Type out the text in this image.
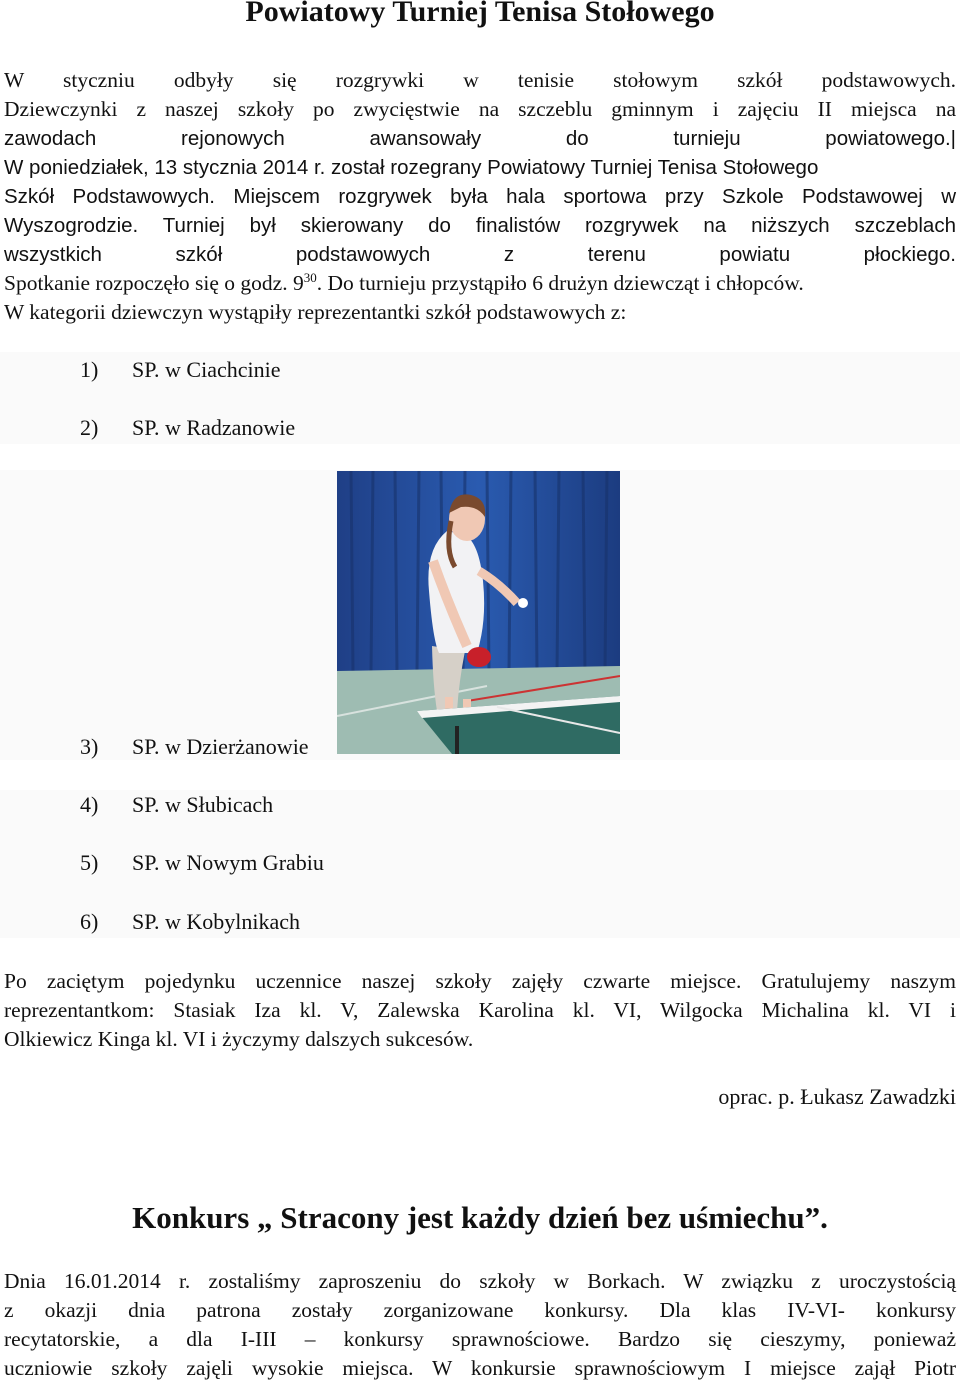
Powiatowy Turniej Tenisa Stołowego
W styczniu odbyły się rozgrywki w tenisie stołowym szkół podstawowych.
Dziewczynki z naszej szkoły po zwycięstwie na szczeblu gminnym i zajęciu II miejsca na
zawodach rejonowych awansowały do turnieju powiatowego.|
W poniedziałek, 13 stycznia 2014 r. został rozegrany Powiatowy Turniej Tenisa Stołowego
Szkół Podstawowych. Miejscem rozgrywek była hala sportowa przy Szkole Podstawowej w
Wyszogrodzie. Turniej był skierowany do finalistów rozgrywek na niższych szczeblach
wszystkich szkół podstawowych z terenu powiatu płockiego.
Spotkanie rozpoczęło się o godz. $9^{30}$. Do turnieju przystąpiło 6 drużyn dziewcząt i chłopców.
W kategorii dziewczyn wystąpiły reprezentantki szkół podstawowych z:
1) SP. w Ciachcinie
2) SP. w Radzanowie
3) SP. w Dzierżanowie
4) SP. w Słubicach
5) SP. w Nowym Grabiu
6) SP. w Kobylnikach
Po zaciętym pojedynku uczennice naszej szkoły zajęły czwarte miejsce. Gratulujemy naszym
reprezentantkom: Stasiak Iza kl. V, Zalewska Karolina kl. VI, Wilgocka Michalina kl. VI i
Olkiewicz Kinga kl. VI i życzymy dalszych sukcesów.
oprac. p. Łukasz Zawadzki
Konkurs „ Stracony jest każdy dzień bez uśmiechu”.
Dnia 16.01.2014 r. zostaliśmy zaproszeniu do szkoły w Borkach. W związku z uroczystością
z okazji dnia patrona zostały zorganizowane konkursy. Dla klas IV-VI- konkursy
recytatorskie, a dla I-III – konkursy sprawnościowe. Bardzo się cieszymy, ponieważ
uczniowie szkoły zajęli wysokie miejsca. W konkursie sprawnościowym I miejsce zajął Piotr
